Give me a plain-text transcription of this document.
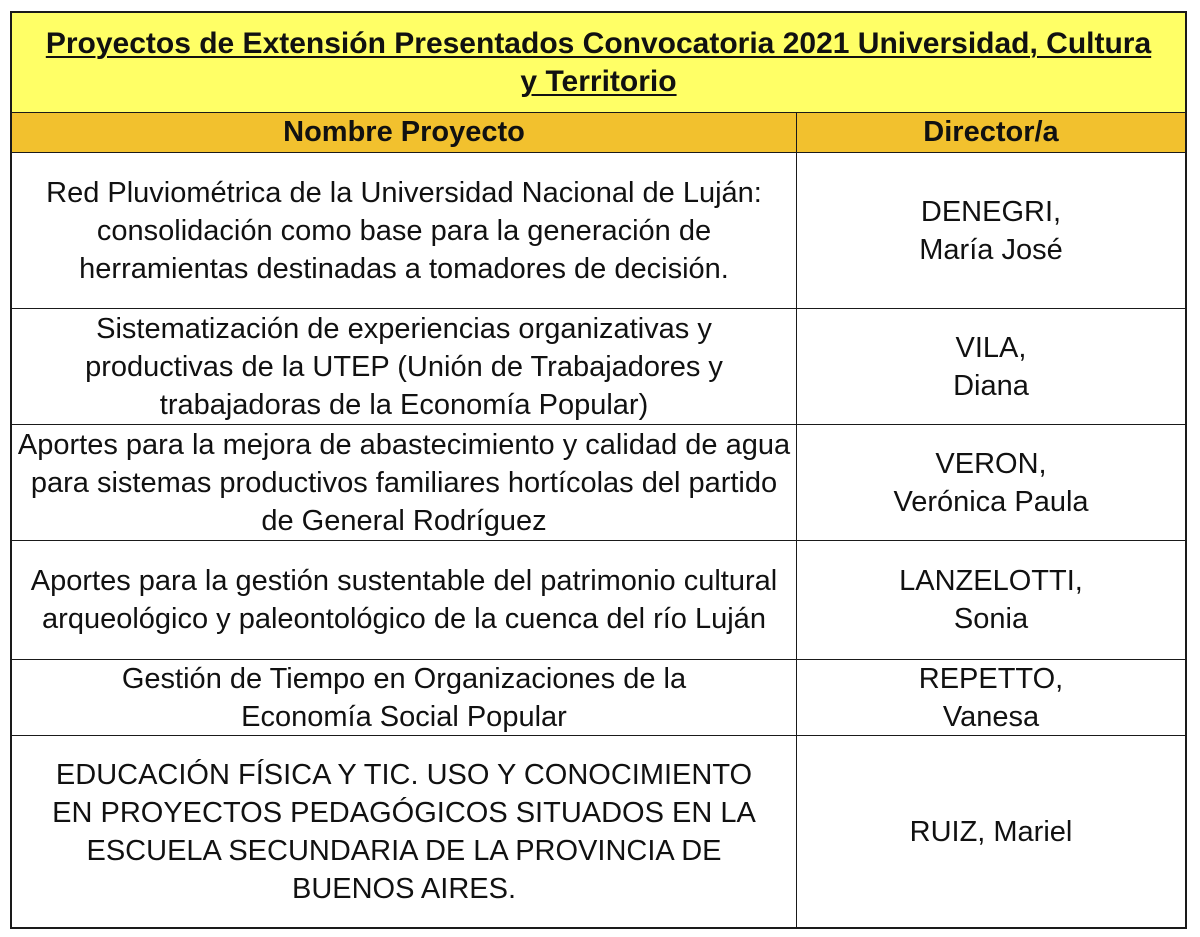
Proyectos de Extensión Presentados Convocatoria 2021 Universidad, Cultura y Territorio
Nombre Proyecto	Director/a
Red Pluviométrica de la Universidad Nacional de Luján: consolidación como base para la generación de herramientas destinadas a tomadores de decisión.
DENEGRI,
María José
Sistematización de experiencias organizativas y productivas de la UTEP (Unión de Trabajadores y trabajadoras de la Economía Popular)
VILA,
Diana
Aportes para la mejora de abastecimiento y calidad de agua para sistemas productivos familiares hortícolas del partido de General Rodríguez
VERON,
Verónica Paula
Aportes para la gestión sustentable del patrimonio cultural arqueológico y paleontológico de la cuenca del río Luján
LANZELOTTI,
Sonia
Gestión de Tiempo en Organizaciones de la Economía Social Popular
REPETTO,
Vanesa
EDUCACIÓN FÍSICA Y TIC. USO Y CONOCIMIENTO EN PROYECTOS PEDAGÓGICOS SITUADOS EN LA ESCUELA SECUNDARIA DE LA PROVINCIA DE BUENOS AIRES.
RUIZ, Mariel
